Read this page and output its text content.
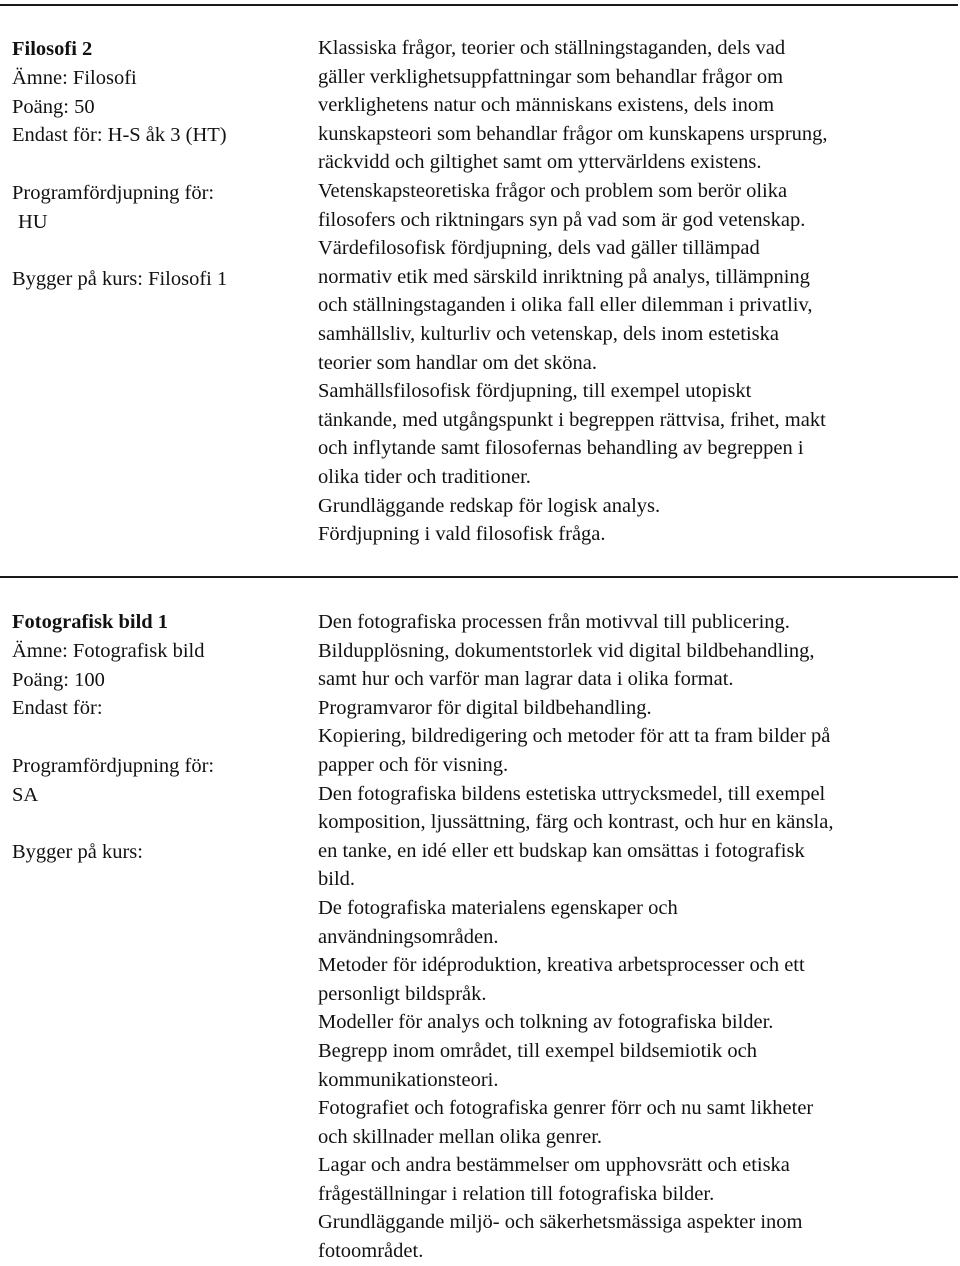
Filosofi 2
Ämne: Filosofi
Poäng: 50
Endast för: H-S åk 3 (HT)
Programfördjupning för:
HU
Bygger på kurs: Filosofi 1
Klassiska frågor, teorier och ställningstaganden, dels vad
gäller verklighetsuppfattningar som behandlar frågor om
verklighetens natur och människans existens, dels inom
kunskapsteori som behandlar frågor om kunskapens ursprung,
räckvidd och giltighet samt om yttervärldens existens.
Vetenskapsteoretiska frågor och problem som berör olika
filosofers och riktningars syn på vad som är god vetenskap.
Värdefilosofisk fördjupning, dels vad gäller tillämpad
normativ etik med särskild inriktning på analys, tillämpning
och ställningstaganden i olika fall eller dilemman i privatliv,
samhällsliv, kulturliv och vetenskap, dels inom estetiska
teorier som handlar om det sköna.
Samhällsfilosofisk fördjupning, till exempel utopiskt
tänkande, med utgångspunkt i begreppen rättvisa, frihet, makt
och inflytande samt filosofernas behandling av begreppen i
olika tider och traditioner.
Grundläggande redskap för logisk analys.
Fördjupning i vald filosofisk fråga.
Fotografisk bild 1
Ämne: Fotografisk bild
Poäng: 100
Endast för:
Programfördjupning för:
SA
Bygger på kurs:
Den fotografiska processen från motivval till publicering.
Bildupplösning, dokumentstorlek vid digital bildbehandling,
samt hur och varför man lagrar data i olika format.
Programvaror för digital bildbehandling.
Kopiering, bildredigering och metoder för att ta fram bilder på
papper och för visning.
Den fotografiska bildens estetiska uttrycksmedel, till exempel
komposition, ljussättning, färg och kontrast, och hur en känsla,
en tanke, en idé eller ett budskap kan omsättas i fotografisk
bild.
De fotografiska materialens egenskaper och
användningsområden.
Metoder för idéproduktion, kreativa arbetsprocesser och ett
personligt bildspråk.
Modeller för analys och tolkning av fotografiska bilder.
Begrepp inom området, till exempel bildsemiotik och
kommunikationsteori.
Fotografiet och fotografiska genrer förr och nu samt likheter
och skillnader mellan olika genrer.
Lagar och andra bestämmelser om upphovsrätt och etiska
frågeställningar i relation till fotografiska bilder.
Grundläggande miljö- och säkerhetsmässiga aspekter inom
fotoområdet.
